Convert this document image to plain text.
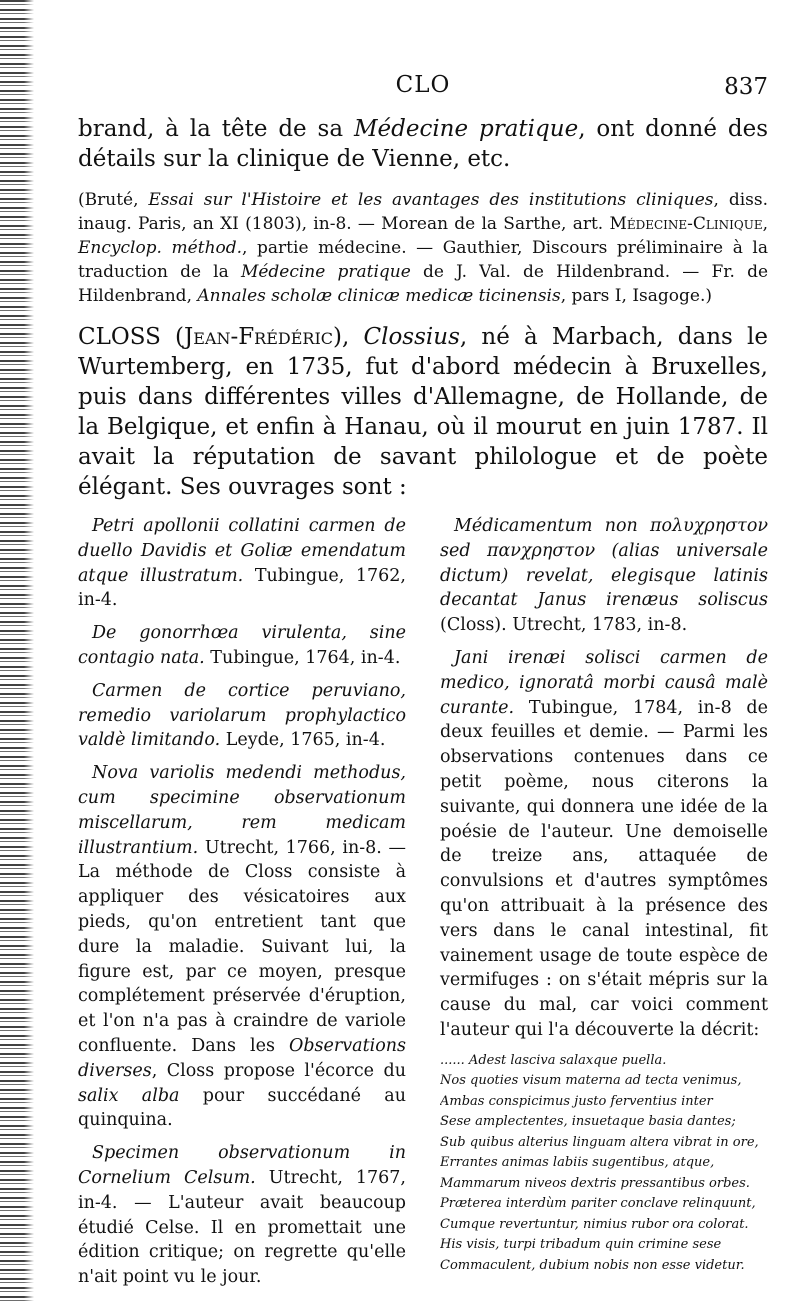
CLO	837

brand, à la tête de sa Médecine pratique, ont donné des détails sur la clinique de Vienne, etc.

(Bruté, Essai sur l'Histoire et les avantages des institutions cliniques, diss. inaug. Paris, an XI (1803), in-8. — Morean de la Sarthe, art. Médecine-Clinique, Encyclop. méthod., partie médecine. — Gauthier, Discours préliminaire à la traduction de la Médecine pratique de J. Val. de Hildenbrand. — Fr. de Hildenbrand, Annales scholæ clinicæ medicæ ticinensis, pars I, Isagoge.)

CLOSS (Jean-Frédéric), Clossius, né à Marbach, dans le Wurtemberg, en 1735, fut d'abord médecin à Bruxelles, puis dans différentes villes d'Allemagne, de Hollande, de la Belgique, et enfin à Hanau, où il mourut en juin 1787. Il avait la réputation de savant philologue et de poète élégant. Ses ouvrages sont :

Petri apollonii collatini carmen de duello Davidis et Goliæ emendatum atque illustratum. Tubingue, 1762, in-4.

De gonorrhœa virulenta, sine contagio nata. Tubingue, 1764, in-4.

Carmen de cortice peruviano, remedio variolarum prophylactico valdè limitando. Leyde, 1765, in-4.

Nova variolis medendi methodus, cum specimine observationum miscellarum, rem medicam illustrantium. Utrecht, 1766, in-8. — La méthode de Closs consiste à appliquer des vésicatoires aux pieds, qu'on entretient tant que dure la maladie. Suivant lui, la figure est, par ce moyen, presque complétement préservée d'éruption, et l'on n'a pas à craindre de variole confluente. Dans les Observations diverses, Closs propose l'écorce du salix alba pour succédané au quinquina.

Specimen observationum in Cornelium Celsum. Utrecht, 1767, in-4. — L'auteur avait beaucoup étudié Celse. Il en promettait une édition critique; on regrette qu'elle n'ait point vu le jour.

Médicamentum non πολυχρηστον sed πανχρηστον (alias universale dictum) revelat, elegisque latinis decantat Janus irenæus soliscus (Closs). Utrecht, 1783, in-8.

Jani irenæi solisci carmen de medico, ignoratâ morbi causâ malè curante. Tubingue, 1784, in-8 de deux feuilles et demie. — Parmi les observations contenues dans ce petit poème, nous citerons la suivante, qui donnera une idée de la poésie de l'auteur. Une demoiselle de treize ans, attaquée de convulsions et d'autres symptômes qu'on attribuait à la présence des vers dans le canal intestinal, fit vainement usage de toute espèce de vermifuges : on s'était mépris sur la cause du mal, car voici comment l'auteur qui l'a découverte la décrit:

...... Adest lasciva salaxque puella.
Nos quoties visum materna ad tecta venimus,
Ambas conspicimus justo ferventius inter
Sese amplectentes, insuetaque basia dantes;
Sub quibus alterius linguam altera vibrat in ore,
Errantes animas labiis sugentibus, atque,
Mammarum niveos dextris pressantibus orbes.
Præterea interdùm pariter conclave relinquunt,
Cumque revertuntur, nimius rubor ora colorat.
His visis, turpi tribadum quin crimine sese
Commaculent, dubium nobis non esse videtur.
